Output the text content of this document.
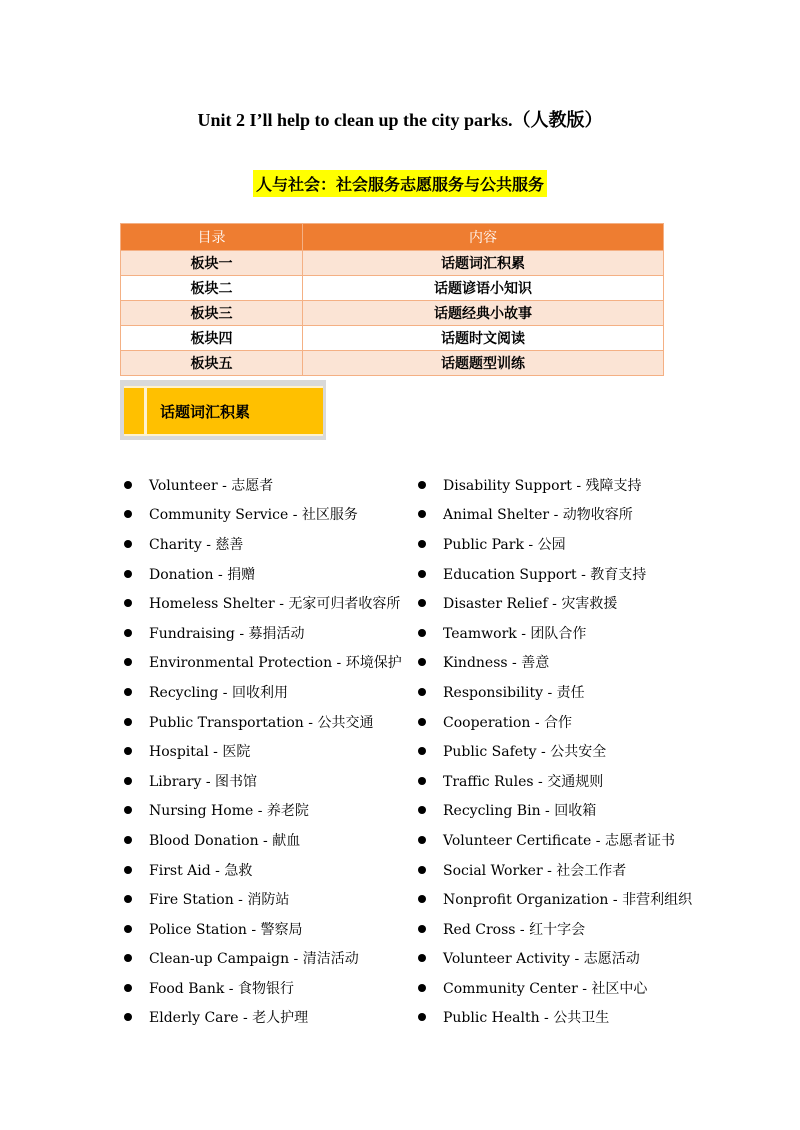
Unit 2 I’ll help to clean up the city parks.（人教版）
人与社会：社会服务志愿服务与公共服务
目录	内容
板块一	话题词汇积累
板块二	话题谚语小知识
板块三	话题经典小故事
板块四	话题时文阅读
板块五	话题题型训练
话题词汇积累
Volunteer - 志愿者
Community Service - 社区服务
Charity - 慈善
Donation - 捐赠
Homeless Shelter - 无家可归者收容所
Fundraising - 募捐活动
Environmental Protection - 环境保护
Recycling - 回收利用
Public Transportation - 公共交通
Hospital - 医院
Library - 图书馆
Nursing Home - 养老院
Blood Donation - 献血
First Aid - 急救
Fire Station - 消防站
Police Station - 警察局
Clean-up Campaign - 清洁活动
Food Bank - 食物银行
Elderly Care - 老人护理
Disability Support - 残障支持
Animal Shelter - 动物收容所
Public Park - 公园
Education Support - 教育支持
Disaster Relief - 灾害救援
Teamwork - 团队合作
Kindness - 善意
Responsibility - 责任
Cooperation - 合作
Public Safety - 公共安全
Traffic Rules - 交通规则
Recycling Bin - 回收箱
Volunteer Certificate - 志愿者证书
Social Worker - 社会工作者
Nonprofit Organization - 非营利组织
Red Cross - 红十字会
Volunteer Activity - 志愿活动
Community Center - 社区中心
Public Health - 公共卫生
